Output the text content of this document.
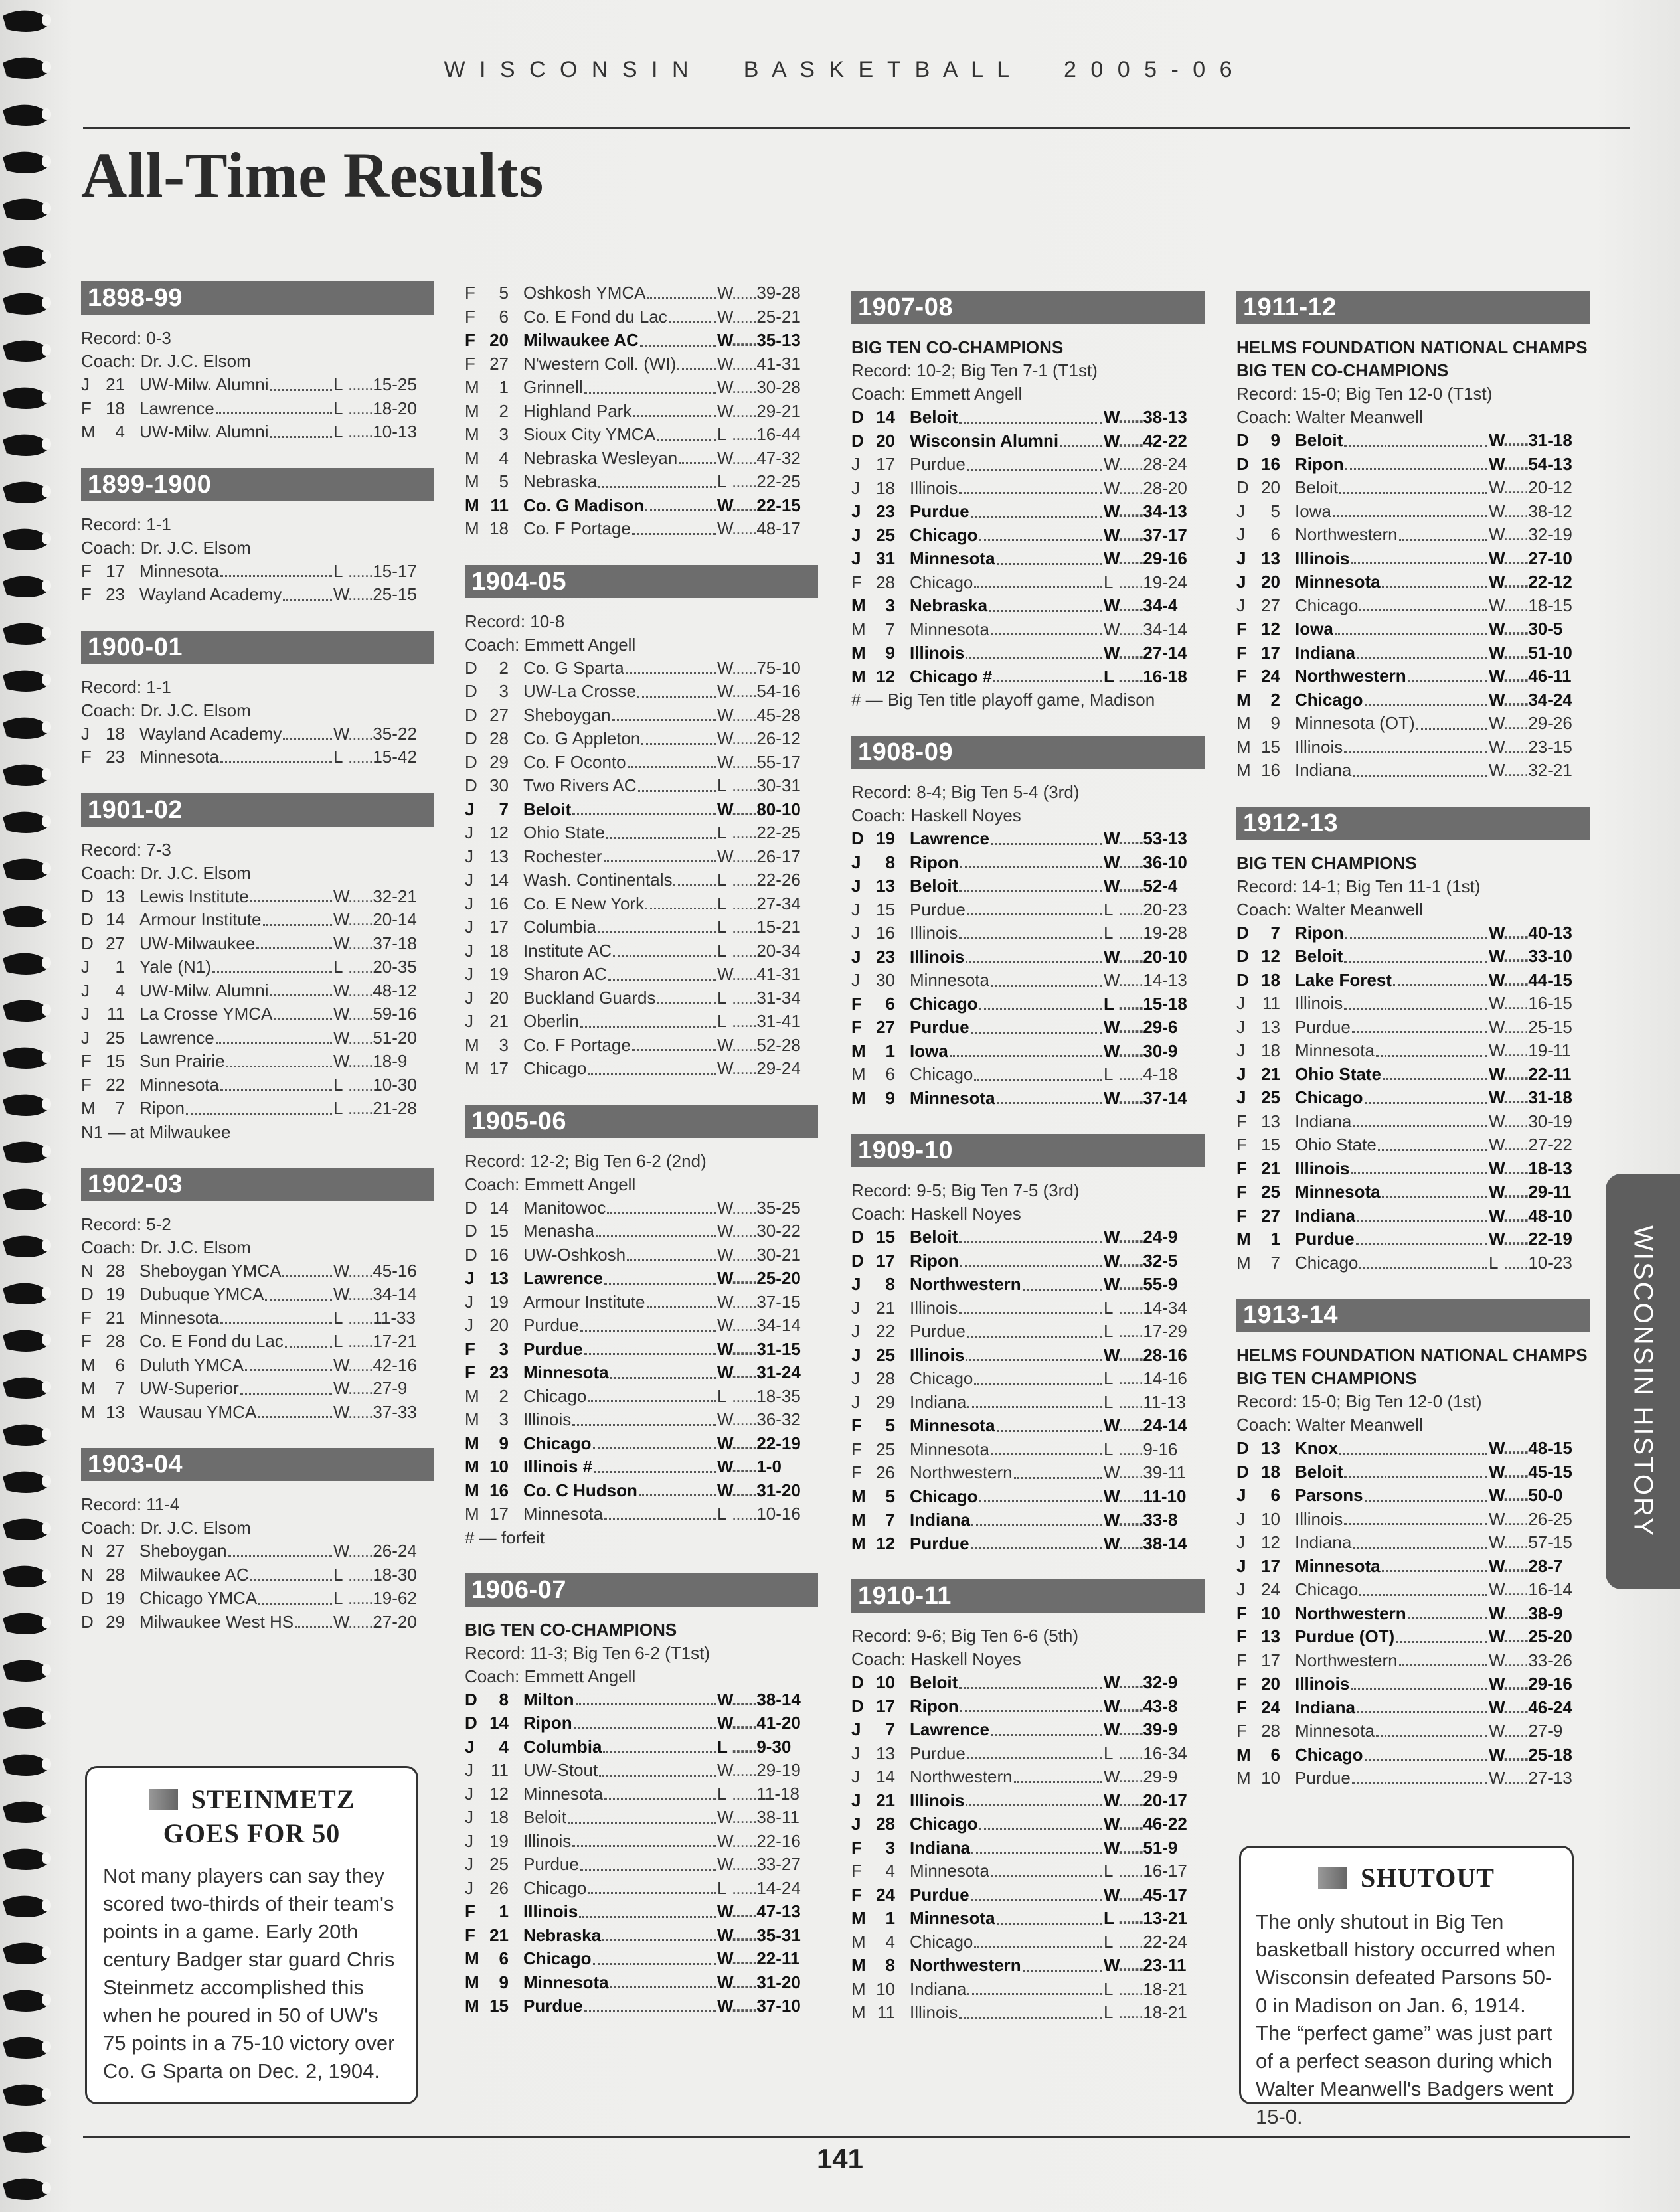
W I S C O N S I N     B A S K E T B A L L     2 0 0 5 - 0 6
All-Time Results
1898-99
Record: 0-3
Coach: Dr. J.C. Elsom
J 21 UW-Milw. Alumni	L	...... 15-25
F 18 Lawrence	L	...... 18-20
M	4 UW-Milw. Alumni	L	...... 10-13
1899-1900
Record: 1-1
Coach: Dr. J.C. Elsom
F 17 Minnesota	L	...... 15-17
F 23 Wayland Academy	W	...... 25-15
1900-01
Record: 1-1
Coach: Dr. J.C. Elsom
J 18 Wayland Academy	W	...... 35-22
F 23 Minnesota	L	...... 15-42
1901-02
Record: 7-3
Coach: Dr. J.C. Elsom
D 13 Lewis Institute	W	...... 32-21
D 14 Armour Institute	W	...... 20-14
D 27 UW-Milwaukee	W	...... 37-18
J	1 Yale (N1)	L	...... 20-35
J	4 UW-Milw. Alumni	W	...... 48-12
J	11 La Crosse YMCA	W	...... 59-16
J 25 Lawrence	W	...... 51-20
F 15 Sun Prairie	W	...... 18-9
F 22 Minnesota	L	...... 10-30
M	7 Ripon	L	...... 21-28
N1 — at Milwaukee
1902-03
Record: 5-2
Coach: Dr. J.C. Elsom
N 28 Sheboygan YMCA	W	...... 45-16
D 19 Dubuque YMCA	W	...... 34-14
F 21 Minnesota	L	...... 11-33
F 28 Co. E Fond du Lac	L	...... 17-21
M	6 Duluth YMCA	W	...... 42-16
M	7 UW-Superior	W	...... 27-9
M 13 Wausau YMCA	W	...... 37-33
1903-04
Record: 11-4
Coach: Dr. J.C. Elsom
N 27 Sheboygan	W	...... 26-24
N 28 Milwaukee AC	L	...... 18-30
D 19 Chicago YMCA	L	...... 19-62
D 29 Milwaukee West HS W	...... 27-20
F	5 Oshkosh YMCA	W	...... 39-28
F	6 Co. E Fond du Lac	W	...... 25-21
F 20 Milwaukee AC	W	...... 35-13
F 27 N'western Coll. (WI) W	...... 41-31
M	1 Grinnell	W	...... 30-28
M	2 Highland Park	W	...... 29-21
M	3 Sioux City YMCA	L	...... 16-44
M	4 Nebraska Wesleyan W	...... 47-32
M	5 Nebraska	L	...... 22-25
M 11 Co. G Madison	W	...... 22-15
M 18 Co. F Portage	W	...... 48-17
1904-05
Record: 10-8
Coach: Emmett Angell
D	2 Co. G Sparta	W	...... 75-10
D	3 UW-La Crosse	W	...... 54-16
D 27 Sheboygan	W	...... 45-28
D 28 Co. G Appleton	W	...... 26-12
D 29 Co. F Oconto	W	...... 55-17
D 30 Two Rivers AC	L	...... 30-31
J	7 Beloit	W	...... 80-10
J 12 Ohio State	L	...... 22-25
J 13 Rochester	W	...... 26-17
J 14 Wash. Continentals	L	...... 22-26
J 16 Co. E New York	L	...... 27-34
J 17 Columbia	L	...... 15-21
J 18 Institute AC	L	...... 20-34
J 19 Sharon AC	W	...... 41-31
J 20 Buckland Guards	L	...... 31-34
J 21 Oberlin	L	...... 31-41
M	3 Co. F Portage	W	...... 52-28
M 17 Chicago	W	...... 29-24
1905-06
Record: 12-2; Big Ten 6-2 (2nd)
Coach: Emmett Angell
D 14 Manitowoc	W	...... 35-25
D 15 Menasha	W	...... 30-22
D 16 UW-Oshkosh	W	...... 30-21
J 13 Lawrence	W	...... 25-20
J 19 Armour Institute	W	...... 37-15
J 20 Purdue	W	...... 34-14
F	3 Purdue	W	...... 31-15
F 23 Minnesota	W	...... 31-24
M	2 Chicago	L	...... 18-35
M	3 Illinois	W	...... 36-32
M	9 Chicago	W	...... 22-19
M 10 Illinois #	W	...... 1-0
M 16 Co. C Hudson	W	...... 31-20
M 17 Minnesota	L	...... 10-16
# — forfeit
1906-07
BIG TEN CO-CHAMPIONS
Record: 11-3; Big Ten 6-2 (T1st)
Coach: Emmett Angell
D	8 Milton	W	...... 38-14
D 14 Ripon	W	...... 41-20
J	4 Columbia	L	...... 9-30
J	11 UW-Stout	W	...... 29-19
J 12 Minnesota	L	...... 11-18
J 18 Beloit	W	...... 38-11
J 19 Illinois	W	...... 22-16
J 25 Purdue	W	...... 33-27
J 26 Chicago	L	...... 14-24
F	1 Illinois	W	...... 47-13
F 21 Nebraska	W	...... 35-31
M	6 Chicago	W	...... 22-11
M	9 Minnesota	W	...... 31-20
M 15 Purdue	W	...... 37-10
1907-08
BIG TEN CO-CHAMPIONS
Record: 10-2; Big Ten 7-1 (T1st)
Coach: Emmett Angell
D 14 Beloit	W	...... 38-13
D 20 Wisconsin Alumni	W	...... 42-22
J 17 Purdue	W	...... 28-24
J 18 Illinois	W	...... 28-20
J 23 Purdue	W	...... 34-13
J 25 Chicago	W	...... 37-17
J 31 Minnesota	W	...... 29-16
F 28 Chicago	L	...... 19-24
M	3 Nebraska	W	...... 34-4
M	7 Minnesota	W	...... 34-14
M	9 Illinois	W	...... 27-14
M 12 Chicago #	L	...... 16-18
# — Big Ten title playoff game, Madison
1908-09
Record: 8-4; Big Ten 5-4 (3rd)
Coach: Haskell Noyes
D 19 Lawrence	W	...... 53-13
J	8 Ripon	W	...... 36-10
J 13 Beloit	W	...... 52-4
J 15 Purdue	L	...... 20-23
J 16 Illinois	L	...... 19-28
J 23 Illinois	W	...... 20-10
J 30 Minnesota	W	...... 14-13
F	6 Chicago	L	...... 15-18
F 27 Purdue	W	...... 29-6
M	1 Iowa	W	...... 30-9
M	6 Chicago	L	...... 4-18
M	9 Minnesota	W	...... 37-14
1909-10
Record: 9-5; Big Ten 7-5 (3rd)
Coach: Haskell Noyes
D 15 Beloit	W	...... 24-9
D 17 Ripon	W	...... 32-5
J	8 Northwestern	W	...... 55-9
J 21 Illinois	L	...... 14-34
J 22 Purdue	L	...... 17-29
J 25 Illinois	W	...... 28-16
J 28 Chicago	L	...... 14-16
J 29 Indiana	L	...... 11-13
F	5 Minnesota	W	...... 24-14
F 25 Minnesota	L	...... 9-16
F 26 Northwestern	W	...... 39-11
M	5 Chicago	W	...... 11-10
M	7 Indiana	W	...... 33-8
M 12 Purdue	W	...... 38-14
1910-11
Record: 9-6; Big Ten 6-6 (5th)
Coach: Haskell Noyes
D 10 Beloit	W	...... 32-9
D 17 Ripon	W	...... 43-8
J	7 Lawrence	W	...... 39-9
J 13 Purdue	L	...... 16-34
J 14 Northwestern	W	...... 29-9
J 21 Illinois	W	...... 20-17
J 28 Chicago	W	...... 46-22
F	3 Indiana	W	...... 51-9
F	4 Minnesota	L	...... 16-17
F 24 Purdue	W	...... 45-17
M	1 Minnesota	L	...... 13-21
M	4 Chicago	L	...... 22-24
M	8 Northwestern	W	...... 23-11
M 10 Indiana	L	...... 18-21
M 11 Illinois	L	...... 18-21
1911-12
HELMS FOUNDATION NATIONAL CHAMPS
BIG TEN CO-CHAMPIONS
Record: 15-0; Big Ten 12-0 (T1st)
Coach: Walter Meanwell
D	9 Beloit	W	...... 31-18
D 16 Ripon	W	...... 54-13
D 20 Beloit	W	...... 20-12
J	5 Iowa	W	...... 38-12
J	6 Northwestern	W	...... 32-19
J 13 Illinois	W	...... 27-10
J 20 Minnesota	W	...... 22-12
J 27 Chicago	W	...... 18-15
F 12 Iowa	W	...... 30-5
F 17 Indiana	W	...... 51-10
F 24 Northwestern	W	...... 46-11
M	2 Chicago	W	...... 34-24
M	9 Minnesota (OT)	W	...... 29-26
M 15 Illinois	W	...... 23-15
M 16 Indiana	W	...... 32-21
1912-13
BIG TEN CHAMPIONS
Record: 14-1; Big Ten 11-1 (1st)
Coach: Walter Meanwell
D	7 Ripon	W	...... 40-13
D 12 Beloit	W	...... 33-10
D 18 Lake Forest	W	...... 44-15
J	11 Illinois	W	...... 16-15
J 13 Purdue	W	...... 25-15
J 18 Minnesota	W	...... 19-11
J 21 Ohio State	W	...... 22-11
J 25 Chicago	W	...... 31-18
F 13 Indiana	W	...... 30-19
F 15 Ohio State	W	...... 27-22
F 21 Illinois	W	...... 18-13
F 25 Minnesota	W	...... 29-11
F 27 Indiana	W	...... 48-10
M	1 Purdue	W	...... 22-19
M	7 Chicago	L	...... 10-23
1913-14
HELMS FOUNDATION NATIONAL CHAMPS
BIG TEN CHAMPIONS
Record: 15-0; Big Ten 12-0 (1st)
Coach: Walter Meanwell
D 13 Knox	W	...... 48-15
D 18 Beloit	W	...... 45-15
J	6 Parsons	W	...... 50-0
J 10 Illinois	W	...... 26-25
J 12 Indiana	W	...... 57-15
J 17 Minnesota	W	...... 28-7
J 24 Chicago	W	...... 16-14
F 10 Northwestern	W	...... 38-9
F 13 Purdue (OT)	W	...... 25-20
F 17 Northwestern	W	...... 33-26
F 20 Illinois	W	...... 29-16
F 24 Indiana	W	...... 46-24
F 28 Minnesota	W	...... 27-9
M	6 Chicago	W	...... 25-18
M 10 Purdue	W	...... 27-13
STEINMETZ
GOES FOR 50
Not many players can say they scored two-thirds of their team's points in a game. Early 20th century Badger star guard Chris Steinmetz accomplished this when he poured in 50 of UW's 75 points in a 75-10 victory over Co. G Sparta on Dec. 2, 1904.
SHUTOUT
The only shutout in Big Ten basketball history occurred when Wisconsin defeated Parsons 50-0 in Madison on Jan. 6, 1914. The “perfect game” was just part of a perfect season during which Walter Meanwell's Badgers went 15-0.
WISCONSIN HISTORY
141
